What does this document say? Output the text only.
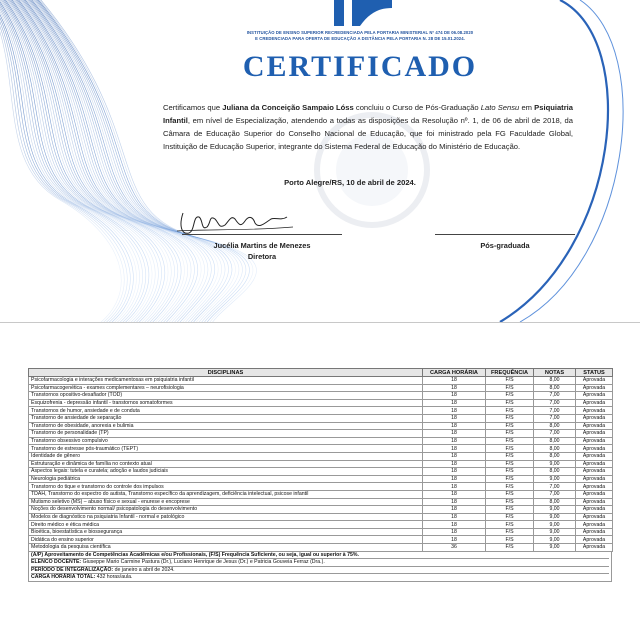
INSTITUIÇÃO DE ENSINO SUPERIOR RECREDENCIADA PELA PORTARIA MINISTERIAL Nº 474 DE 06.08.2020
E CREDENCIADA PARA OFERTA DE EDUCAÇÃO A DISTÂNCIA PELA PORTARIA N. 28 DE 15.01.2024.
CERTIFICADO
Certificamos que Juliana da Conceição Sampaio Lóss concluiu o Curso de Pós-Graduação Lato Sensu em Psiquiatria Infantil, em nível de Especialização, atendendo a todas as disposições da Resolução nº. 1, de 06 de abril de 2018, da Câmara de Educação Superior do Conselho Nacional de Educação, que foi ministrado pela FG Faculdade Global, Instituição de Educação Superior, integrante do Sistema Federal de Educação do Ministério de Educação.
Porto Alegre/RS, 10 de abril de 2024.
Jucélia Martins de Menezes
Diretora
Pós-graduada
DISCIPLINAS	CARGA HORÁRIA	FREQUÊNCIA	NOTAS	STATUS
Psicofarmacologia e interações medicamentosas em psiquiatria infantil	18	F/S	8,00	Aprovada
Psicofarmacogenética - exames complementares – neurofisiologia	18	F/S	8,00	Aprovada
Transtornos opositivo-desafiador (TOD)	18	F/S	7,00	Aprovada
Esquizofrenia - depressão infantil - transtornos somatoformes	18	F/S	7,00	Aprovada
Transtornos de humor, ansiedade e de conduta	18	F/S	7,00	Aprovada
Transtorno de ansiedade de separação	18	F/S	7,00	Aprovada
Transtorno de obesidade, anorexia e bulimia	18	F/S	8,00	Aprovada
Transtorno de personalidade (TP)	18	F/S	7,00	Aprovada
Transtorno obsessivo compulsivo	18	F/S	8,00	Aprovada
Transtorno de estresse pós-traumático (TEPT)	18	F/S	8,00	Aprovada
Identidade de gênero	18	F/S	8,00	Aprovada
Estruturação e dinâmica de família no contexto atual	18	F/S	9,00	Aprovada
Aspectos legais: tutela e curatela; adoção e laudos judiciais	18	F/S	8,00	Aprovada
Neurologia pediátrica	18	F/S	9,00	Aprovada
Transtorno do tique e transtorno do controle dos impulsos	18	F/S	7,00	Aprovada
TDAH, Transtorno do espectro do autista, Transtorno específico da aprendizagem, deficiência intelectual, psicose infantil	18	F/S	7,00	Aprovada
Mutismo seletivo (MS) – abuso físico e sexual - enurese e encoprese	18	F/S	8,00	Aprovada
Noções do desenvolvimento normal/ psicopatologia do desenvolvimento	18	F/S	9,00	Aprovada
Modelos de diagnóstico na psiquiatria Infantil - normal e patológico	18	F/S	9,00	Aprovada
Direito médico e ética médica	18	F/S	9,00	Aprovada
Bioética, bioestatística e biossegurança	18	F/S	9,00	Aprovada
Didática do ensino superior	18	F/S	9,00	Aprovada
Metodologia da pesquisa científica	36	F/S	9,00	Aprovada
(A/P) Aproveitamento de Competências Acadêmicas e/ou Profissionais, (F/S) Frequência Suficiente, ou seja, igual ou superior à 75%.
ELENCO DOCENTE: Giuseppe Mario Carmine Pastura (Dr.), Luciano Henrique de Jesus (Dr.) e Patricia Gouveia Ferraz (Dra.).
PERÍODO DE INTEGRALIZAÇÃO: de janeiro a abril de 2024.
CARGA HORÁRIA TOTAL: 432 horas/aula.
